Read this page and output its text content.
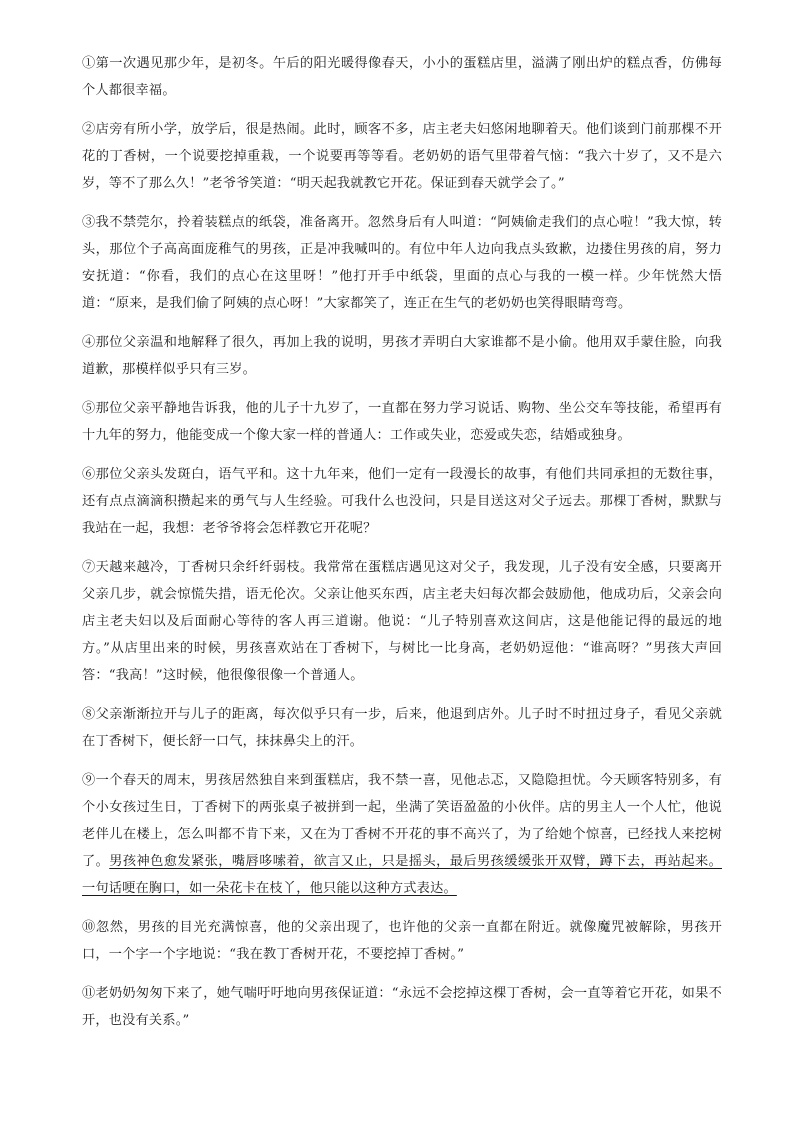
①第一次遇见那少年，是初冬。午后的阳光暖得像春天，小小的蛋糕店里，溢满了刚出炉的糕点香，仿佛每个人都很幸福。

②店旁有所小学，放学后，很是热闹。此时，顾客不多，店主老夫妇悠闲地聊着天。他们谈到门前那棵不开花的丁香树，一个说要挖掉重栽，一个说要再等等看。老奶奶的语气里带着气恼：“我六十岁了，又不是六岁，等不了那么久！”老爷爷笑道：“明天起我就教它开花。保证到春天就学会了。”

③我不禁莞尔，拎着装糕点的纸袋，准备离开。忽然身后有人叫道：“阿姨偷走我们的点心啦！”我大惊，转头，那位个子高高面庞稚气的男孩，正是冲我喊叫的。有位中年人边向我点头致歉，边搂住男孩的肩，努力安抚道：“你看，我们的点心在这里呀！”他打开手中纸袋，里面的点心与我的一模一样。少年恍然大悟道：“原来，是我们偷了阿姨的点心呀！”大家都笑了，连正在生气的老奶奶也笑得眼睛弯弯。

④那位父亲温和地解释了很久，再加上我的说明，男孩才弄明白大家谁都不是小偷。他用双手蒙住脸，向我道歉，那模样似乎只有三岁。

⑤那位父亲平静地告诉我，他的儿子十九岁了，一直都在努力学习说话、购物、坐公交车等技能，希望再有十九年的努力，他能变成一个像大家一样的普通人：工作或失业，恋爱或失恋，结婚或独身。

⑥那位父亲头发斑白，语气平和。这十九年来，他们一定有一段漫长的故事，有他们共同承担的无数往事，还有点点滴滴积攒起来的勇气与人生经验。可我什么也没问，只是目送这对父子远去。那棵丁香树，默默与我站在一起，我想：老爷爷将会怎样教它开花呢？

⑦天越来越冷，丁香树只余纤纤弱枝。我常常在蛋糕店遇见这对父子，我发现，儿子没有安全感，只要离开父亲几步，就会惊慌失措，语无伦次。父亲让他买东西，店主老夫妇每次都会鼓励他，他成功后，父亲会向店主老夫妇以及后面耐心等待的客人再三道谢。他说：“儿子特别喜欢这间店，这是他能记得的最远的地方。”从店里出来的时候，男孩喜欢站在丁香树下，与树比一比身高，老奶奶逗他：“谁高呀？”男孩大声回答：“我高！”这时候，他很像很像一个普通人。

⑧父亲渐渐拉开与儿子的距离，每次似乎只有一步，后来，他退到店外。儿子时不时扭过身子，看见父亲就在丁香树下，便长舒一口气，抹抹鼻尖上的汗。

⑨一个春天的周末，男孩居然独自来到蛋糕店，我不禁一喜，见他忐忑，又隐隐担忧。今天顾客特别多，有个小女孩过生日，丁香树下的两张桌子被拼到一起，坐满了笑语盈盈的小伙伴。店的男主人一个人忙，他说老伴儿在楼上，怎么叫都不肯下来，又在为丁香树不开花的事不高兴了，为了给她个惊喜，已经找人来挖树了。男孩神色愈发紧张，嘴唇哆嗦着，欲言又止，只是摇头，最后男孩缓缓张开双臂，蹲下去，再站起来。一句话哽在胸口，如一朵花卡在枝丫，他只能以这种方式表达。

⑩忽然，男孩的目光充满惊喜，他的父亲出现了，也许他的父亲一直都在附近。就像魔咒被解除，男孩开口，一个字一个字地说：“我在教丁香树开花，不要挖掉丁香树。”

⑪老奶奶匆匆下来了，她气喘吁吁地向男孩保证道：“永远不会挖掉这棵丁香树，会一直等着它开花，如果不开，也没有关系。”
